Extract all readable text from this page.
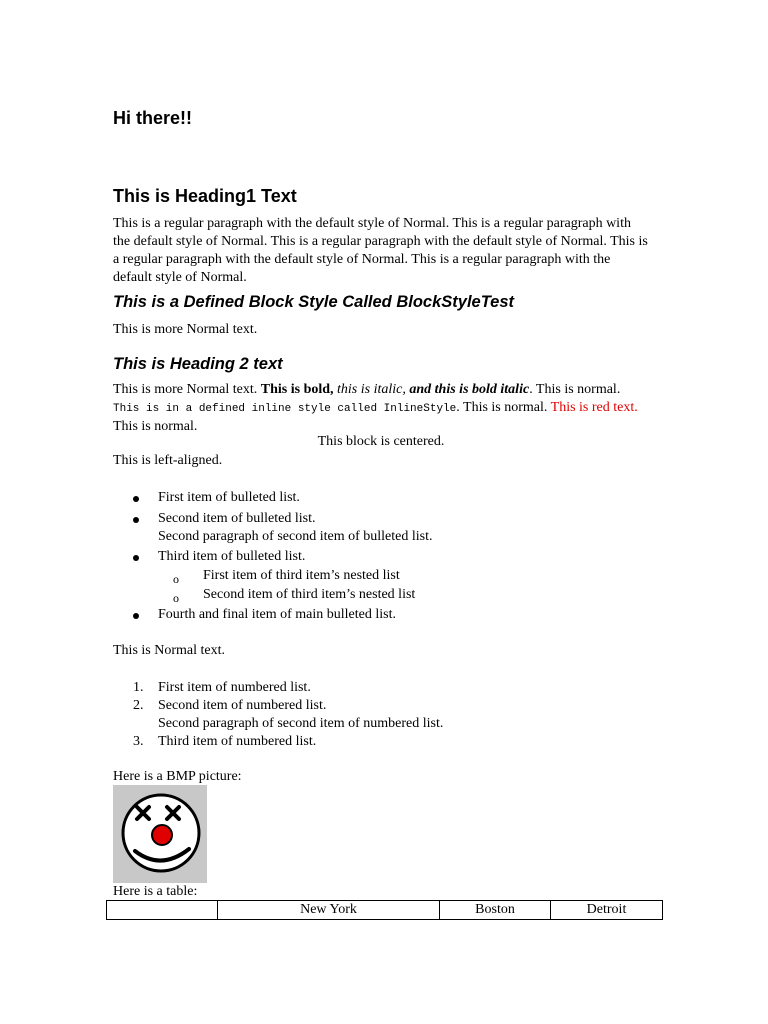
Hi there!!
This is Heading1 Text

This is a regular paragraph with the default style of Normal. This is a regular paragraph with the default style of Normal. This is a regular paragraph with the default style of Normal. This is a regular paragraph with the default style of Normal. This is a regular paragraph with the default style of Normal.

This is a Defined Block Style Called BlockStyleTest

This is more Normal text.

This is Heading 2 text

This is more Normal text. This is bold, this is italic, and this is bold italic. This is normal. This is in a defined inline style called InlineStyle. This is normal. This is red text. This is normal.

This block is centered.

This is left-aligned.

First item of bulleted list.
Second item of bulleted list.
Second paragraph of second item of bulleted list.
Third item of bulleted list.
o First item of third item’s nested list
o Second item of third item’s nested list
Fourth and final item of main bulleted list.

This is Normal text.

1. First item of numbered list.
2. Second item of numbered list.
Second paragraph of second item of numbered list.
3. Third item of numbered list.

Here is a BMP picture:

Here is a table:

	New York	Boston	Detroit
